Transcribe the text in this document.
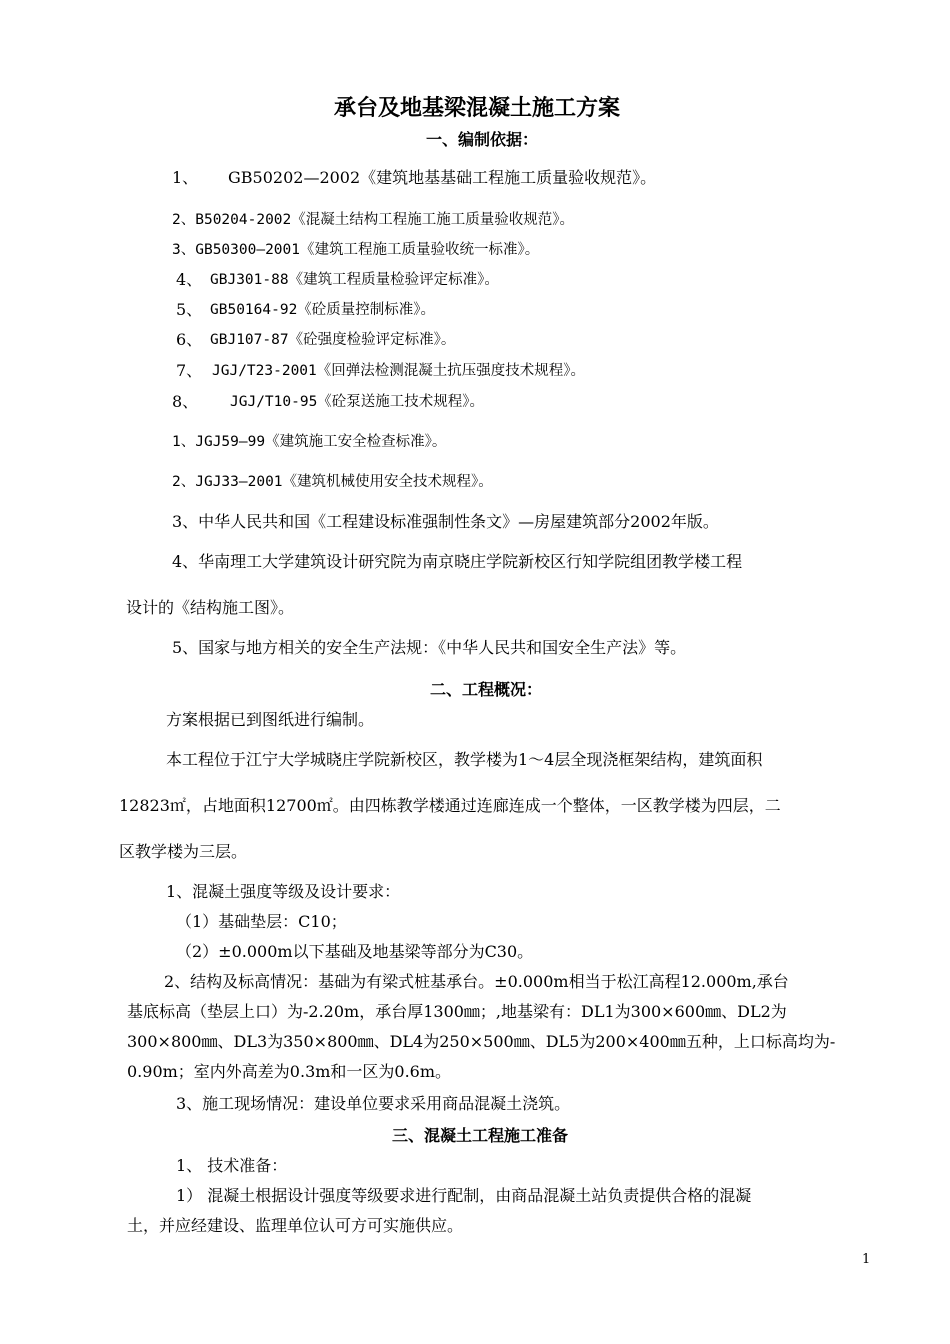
承台及地基梁混凝土施工方案
一、编制依据：
1、 GB50202—2002《建筑地基基础工程施工质量验收规范》。
2、B50204-2002《混凝土结构工程施工施工质量验收规范》。
3、GB50300—2001《建筑工程施工质量验收统一标准》。
4、 GBJ301-88《建筑工程质量检验评定标准》。
5、 GB50164-92《砼质量控制标准》。
6、 GBJ107-87《砼强度检验评定标准》。
7、 JGJ/T23-2001《回弹法检测混凝土抗压强度技术规程》。
8、 JGJ/T10-95《砼泵送施工技术规程》。
1、JGJ59—99《建筑施工安全检查标准》。
2、JGJ33—2001《建筑机械使用安全技术规程》。
3、中华人民共和国《工程建设标准强制性条文》—房屋建筑部分2002年版。
4、华南理工大学建筑设计研究院为南京晓庄学院新校区行知学院组团教学楼工程
设计的《结构施工图》。
5、国家与地方相关的安全生产法规：《中华人民共和国安全生产法》等。
二、工程概况：
方案根据已到图纸进行编制。
本工程位于江宁大学城晓庄学院新校区，教学楼为1～4层全现浇框架结构，建筑面积
12823㎡，占地面积12700㎡。由四栋教学楼通过连廊连成一个整体，一区教学楼为四层，二
区教学楼为三层。
1、混凝土强度等级及设计要求：
（1）基础垫层：C10；
（2）±0.000m以下基础及地基梁等部分为C30。
2、结构及标高情况：基础为有梁式桩基承台。±0.000m相当于松江高程12.000m,承台
基底标高（垫层上口）为-2.20m，承台厚1300㎜；,地基梁有：DL1为300×600㎜、DL2为
300×800㎜、DL3为350×800㎜、DL4为250×500㎜、DL5为200×400㎜五种，上口标高均为-
0.90m；室内外高差为0.3m和一区为0.6m。
3、施工现场情况：建设单位要求采用商品混凝土浇筑。
三、混凝土工程施工准备
1、 技术准备：
1） 混凝土根据设计强度等级要求进行配制，由商品混凝土站负责提供合格的混凝
土，并应经建设、监理单位认可方可实施供应。
1
